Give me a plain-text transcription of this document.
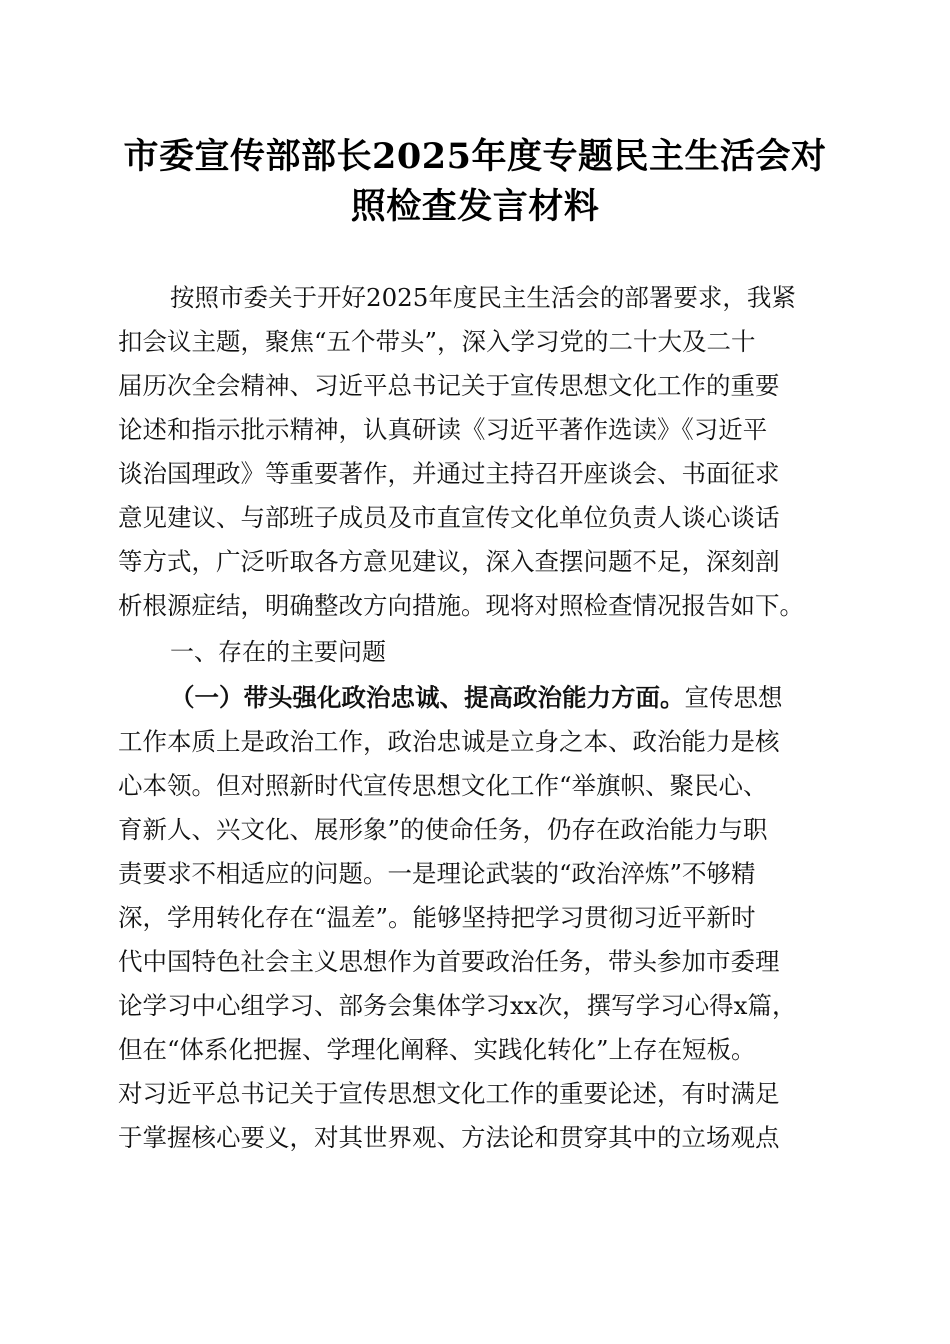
市委宣传部部长2025年度专题民主生活会对
照检查发言材料
按照市委关于开好2025年度民主生活会的部署要求，我紧
扣会议主题，聚焦“五个带头”，深入学习党的二十大及二十
届历次全会精神、习近平总书记关于宣传思想文化工作的重要
论述和指示批示精神，认真研读《习近平著作选读》《习近平
谈治国理政》等重要著作，并通过主持召开座谈会、书面征求
意见建议、与部班子成员及市直宣传文化单位负责人谈心谈话
等方式，广泛听取各方意见建议，深入查摆问题不足，深刻剖
析根源症结，明确整改方向措施。现将对照检查情况报告如下。
一、存在的主要问题
（一）带头强化政治忠诚、提高政治能力方面。宣传思想
工作本质上是政治工作，政治忠诚是立身之本、政治能力是核
心本领。但对照新时代宣传思想文化工作“举旗帜、聚民心、
育新人、兴文化、展形象”的使命任务，仍存在政治能力与职
责要求不相适应的问题。一是理论武装的“政治淬炼”不够精
深，学用转化存在“温差”。能够坚持把学习贯彻习近平新时
代中国特色社会主义思想作为首要政治任务，带头参加市委理
论学习中心组学习、部务会集体学习xx次，撰写学习心得x篇，
但在“体系化把握、学理化阐释、实践化转化”上存在短板。
对习近平总书记关于宣传思想文化工作的重要论述，有时满足
于掌握核心要义，对其世界观、方法论和贯穿其中的立场观点
